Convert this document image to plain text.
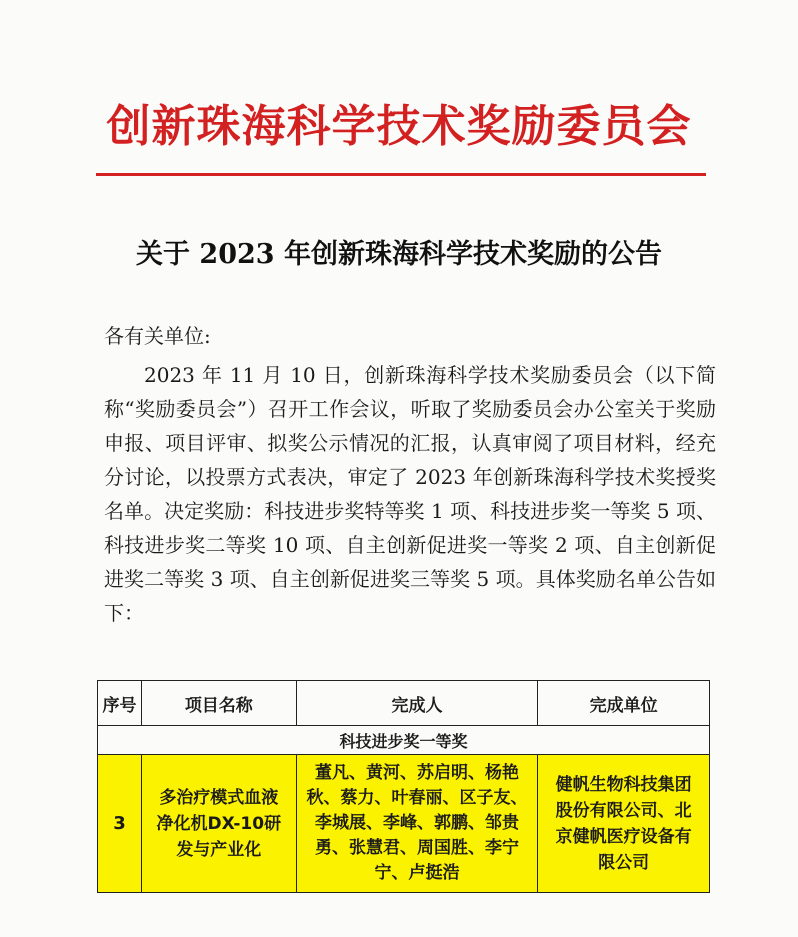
创新珠海科学技术奖励委员会
关于 2023 年创新珠海科学技术奖励的公告
各有关单位:
2023 年 11 月 10 日，创新珠海科学技术奖励委员会（以下简称“奖励委员会”）召开工作会议，听取了奖励委员会办公室关于奖励申报、项目评审、拟奖公示情况的汇报，认真审阅了项目材料，经充分讨论，以投票方式表决，审定了 2023 年创新珠海科学技术奖授奖名单。决定奖励：科技进步奖特等奖 1 项、科技进步奖一等奖 5 项、科技进步奖二等奖 10 项、自主创新促进奖一等奖 2 项、自主创新促进奖二等奖 3 项、自主创新促进奖三等奖 5 项。具体奖励名单公告如下：
序号	项目名称	完成人	完成单位
科技进步奖一等奖			
3	多治疗模式血液净化机DX-10研发与产业化	董凡、黄河、苏启明、杨艳秋、蔡力、叶春丽、区子友、李城展、李峰、郭鹏、邹贵勇、张慧君、周国胜、李宁宁、卢挺浩	健帆生物科技集团股份有限公司、北京健帆医疗设备有限公司
